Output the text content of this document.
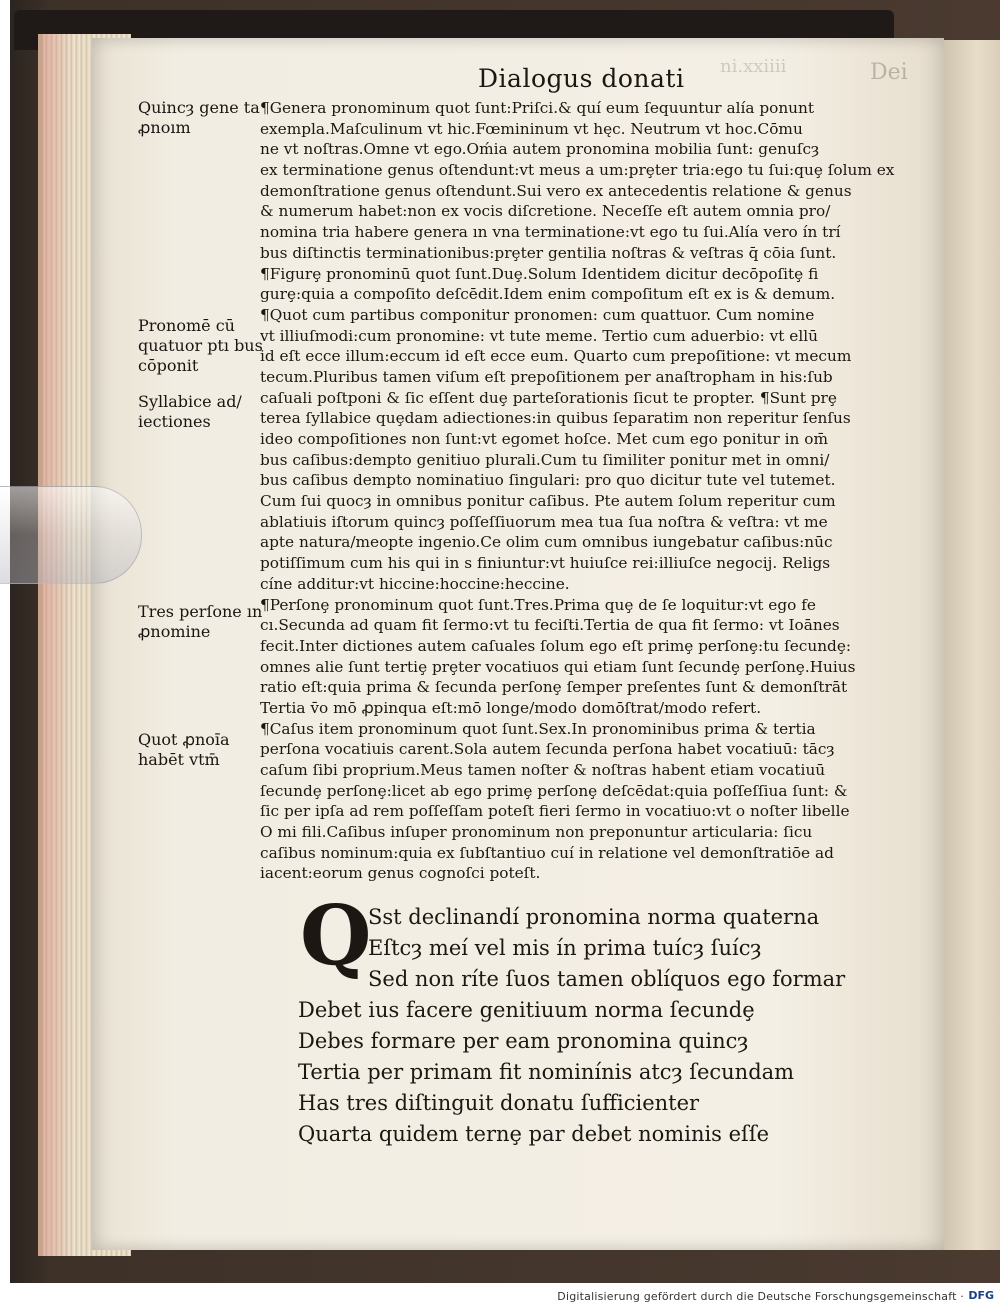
ni.xxiiii
Dialogus donati	Dei
Quincȝ gene ta ꝓnoım
Pronomē cū quatuor ptı bus cōponit
Syllabice ad/ iectiones
Tres perſone ın ꝓnomine
Quot ꝓnoı̄a habēt vtm̄
¶Genera pronominum quot ſunt:Priſci.& quí eum ſequuntur alía ponunt
exempla.Maſculinum vt hic.Fœmininum vt hęc. Neutrum vt hoc.Cōmu
ne vt noſtras.Omne vt ego.Oḿia autem pronomina mobilia ſunt: genuſcȝ
ex terminatione genus oſtendunt:vt meus a um:prȩter tria:ego tu ſui:quȩ ſolum ex
demonſtratione genus oſtendunt.Sui vero ex antecedentis relatione & genus
& numerum habet:non ex vocis diſcretione. Neceſſe eſt autem omnia pro/
nomina tria habere genera ın vna terminatione:vt ego tu ſui.Alía vero ín trí
bus diſtinctis terminationibus:prȩter gentilia noſtras & veſtras q̄ cōia ſunt.
¶Figurȩ pronominū quot ſunt.Duȩ.Solum Identidem dicitur decōpoſitȩ fi
gurȩ:quia a compoſito deſcēdit.Idem enim compoſitum eſt ex is & demum.
¶Quot cum partibus componitur pronomen: cum quattuor. Cum nomine
vt illiuſmodi:cum pronomine: vt tute meme. Tertio cum aduerbio: vt ellū
id eſt ecce illum:eccum id eſt ecce eum. Quarto cum prepoſitione: vt mecum
tecum.Pluribus tamen viſum eſt prepoſitionem per anaſtropham in his:ſub
caſuali poſtponi & ſic eſſent duȩ parteſorationis ſicut te propter. ¶Sunt prȩ
terea ſyllabice quȩdam adiectiones:in quibus ſeparatim non reperitur ſenſus
ideo compoſitiones non ſunt:vt egomet hoſce. Met cum ego ponitur in om̄
bus caſibus:dempto genitiuo plurali.Cum tu ſimiliter ponitur met in omni/
bus caſibus dempto nominatiuo ſingulari: pro quo dicitur tute vel tutemet.
Cum ſui quocȝ in omnibus ponitur caſibus. Pte autem ſolum reperitur cum
ablatiuis iſtorum quincȝ poſſeſſiuorum mea tua ſua noſtra & veſtra: vt me
apte natura/meopte ingenio.Ce olim cum omnibus iungebatur caſibus:nūc
potiſſimum cum his qui in s finiuntur:vt huiuſce rei:illiuſce negocij. Religs
cíne additur:vt hiccine:hoccine:heccine.
¶Perſonȩ pronominum quot ſunt.Tres.Prima quȩ de ſe loquitur:vt ego fe
cı.Secunda ad quam fit ſermo:vt tu feciſti.Tertia de qua fit ſermo: vt Ioānes
fecit.Inter dictiones autem caſuales ſolum ego eſt primȩ perſonȩ:tu ſecundȩ:
omnes alie ſunt tertiȩ prȩter vocatiuos qui etiam ſunt ſecundȩ perſonȩ.Huius
ratio eſt:quia prima & ſecunda perſonȩ ſemper preſentes ſunt & demonſtrāt
Tertia v̄o mō ꝓpinqua eſt:mō longe/modo domōſtrat/modo refert.
¶Caſus item pronominum quot ſunt.Sex.In pronominibus prima & tertia
perſona vocatiuis carent.Sola autem ſecunda perſona habet vocatiuū: tācȝ
caſum ſibi proprium.Meus tamen noſter & noſtras habent etiam vocatiuū
ſecundȩ perſonȩ:licet ab ego primȩ perſonȩ deſcēdat:quia poſſeſſiua ſunt: &
ſic per ipſa ad rem poſſeſſam poteſt fieri ſermo in vocatiuo:vt o noſter libelle
O mi fili.Caſibus inſuper pronominum non preponuntur articularia: ſicu
caſibus nominum:quia ex ſubſtantiuo cuí in relatione vel demonſtratiōe ad
iacent:eorum genus cognoſci poteſt.
Q
Sst declinandí pronomina norma quaterna
Eſtcȝ meí vel mis ín prima tuícȝ ſuícȝ
Sed non ríte ſuos tamen oblíquos ego formar
Debet ius facere genitiuum norma ſecundȩ
Debes formare per eam pronomina quincȝ
Tertia per primam fit nominínis atcȝ ſecundam
Has tres diſtinguit donatu ſufficienter
Quarta quidem ternȩ par debet nominis eſſe
Digitalisierung gefördert durch die Deutsche Forschungsgemeinschaft · DFG
